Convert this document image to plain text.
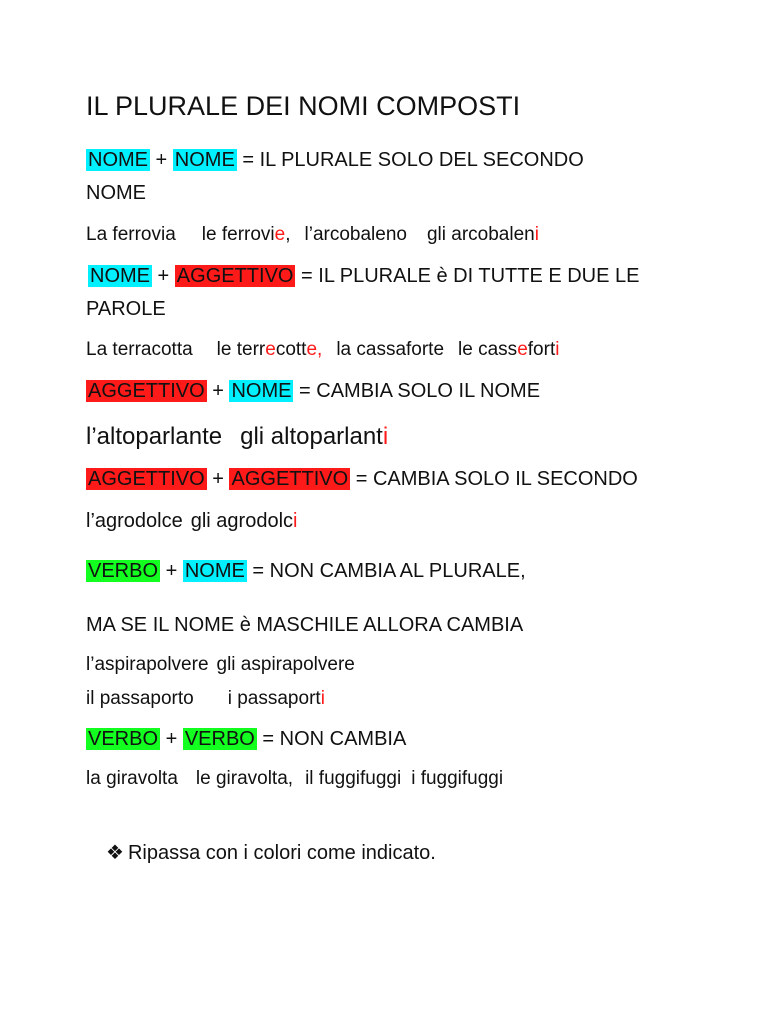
IL PLURALE DEI NOMI COMPOSTI
NOME + NOME = IL PLURALE SOLO DEL SECONDO
NOME
La ferrovia le ferrovie, l’arcobaleno gli arcobaleni
NOME + AGGETTIVO = IL PLURALE è DI TUTTE E DUE LE
PAROLE
La terracotta le terrecotte, la cassaforte le casseforti
AGGETTIVO + NOME = CAMBIA SOLO IL NOME
l’altoparlante gli altoparlanti
AGGETTIVO + AGGETTIVO = CAMBIA SOLO IL SECONDO
l’agrodolce gli agrodolci
VERBO + NOME = NON CAMBIA AL PLURALE,
MA SE IL NOME è MASCHILE ALLORA CAMBIA
l’aspirapolvere gli aspirapolvere
il passaporto i passaporti
VERBO + VERBO = NON CAMBIA
la giravolta le giravolta, il fuggifuggi i fuggifuggi
❖ Ripassa con i colori come indicato.
